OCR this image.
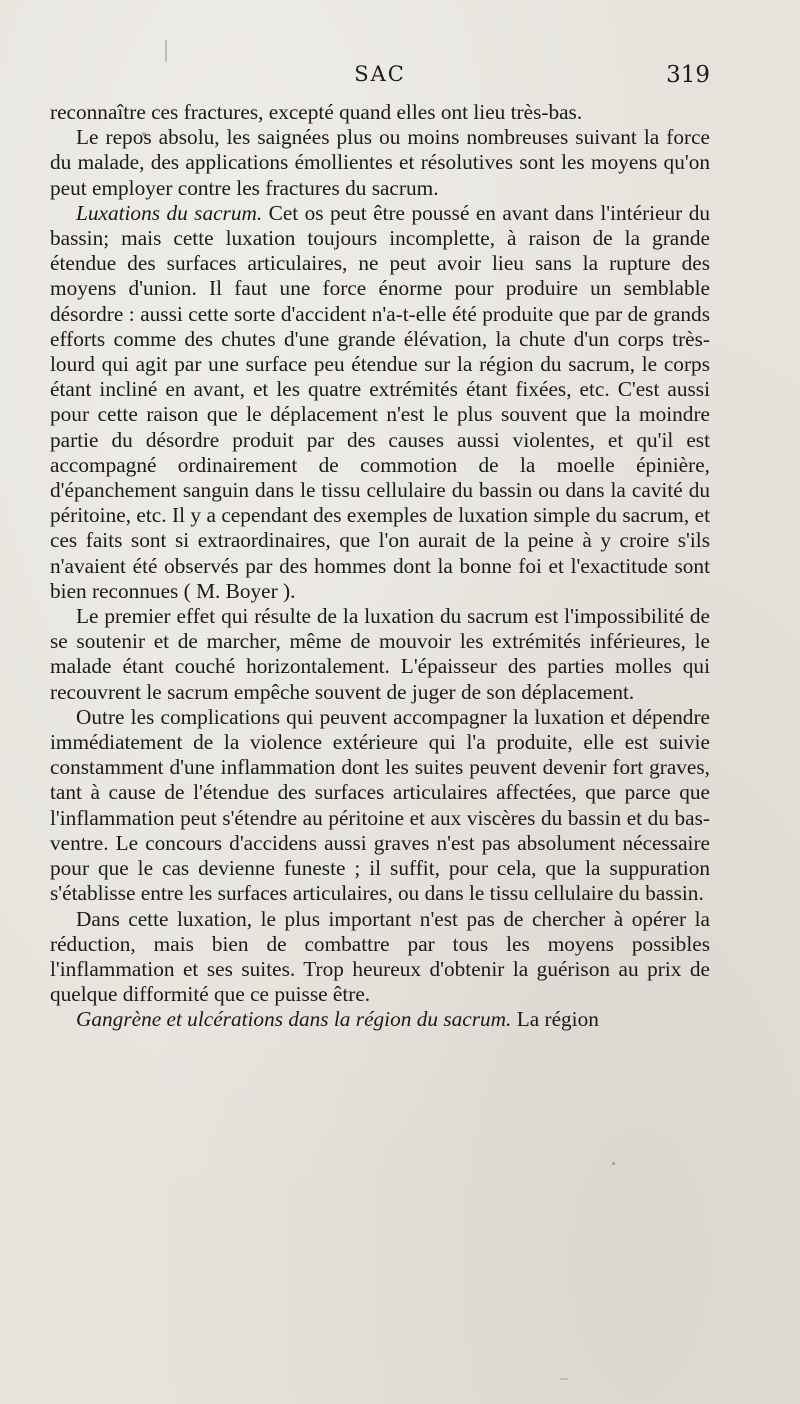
SAC	319

reconnaître ces fractures, excepté quand elles ont lieu très-bas.

Le repos absolu, les saignées plus ou moins nombreuses suivant la force du malade, des applications émollientes et résolutives sont les moyens qu'on peut employer contre les fractures du sacrum.

Luxations du sacrum. Cet os peut être poussé en avant dans l'intérieur du bassin; mais cette luxation toujours incomplette, à raison de la grande étendue des surfaces articulaires, ne peut avoir lieu sans la rupture des moyens d'union. Il faut une force énorme pour produire un semblable désordre : aussi cette sorte d'accident n'a-t-elle été produite que par de grands efforts comme des chutes d'une grande élévation, la chute d'un corps très-lourd qui agit par une surface peu étendue sur la région du sacrum, le corps étant incliné en avant, et les quatre extrémités étant fixées, etc. C'est aussi pour cette raison que le déplacement n'est le plus souvent que la moindre partie du désordre produit par des causes aussi violentes, et qu'il est accompagné ordinairement de commotion de la moelle épinière, d'épanchement sanguin dans le tissu cellulaire du bassin ou dans la cavité du péritoine, etc. Il y a cependant des exemples de luxation simple du sacrum, et ces faits sont si extraordinaires, que l'on aurait de la peine à y croire s'ils n'avaient été observés par des hommes dont la bonne foi et l'exactitude sont bien reconnues ( M. Boyer ).

Le premier effet qui résulte de la luxation du sacrum est l'impossibilité de se soutenir et de marcher, même de mouvoir les extrémités inférieures, le malade étant couché horizontalement. L'épaisseur des parties molles qui recouvrent le sacrum empêche souvent de juger de son déplacement.

Outre les complications qui peuvent accompagner la luxation et dépendre immédiatement de la violence extérieure qui l'a produite, elle est suivie constamment d'une inflammation dont les suites peuvent devenir fort graves, tant à cause de l'étendue des surfaces articulaires affectées, que parce que l'inflammation peut s'étendre au péritoine et aux viscères du bassin et du bas-ventre. Le concours d'accidens aussi graves n'est pas absolument nécessaire pour que le cas devienne funeste ; il suffit, pour cela, que la suppuration s'établisse entre les surfaces articulaires, ou dans le tissu cellulaire du bassin.

Dans cette luxation, le plus important n'est pas de chercher à opérer la réduction, mais bien de combattre par tous les moyens possibles l'inflammation et ses suites. Trop heureux d'obtenir la guérison au prix de quelque difformité que ce puisse être.

Gangrène et ulcérations dans la région du sacrum. La région
